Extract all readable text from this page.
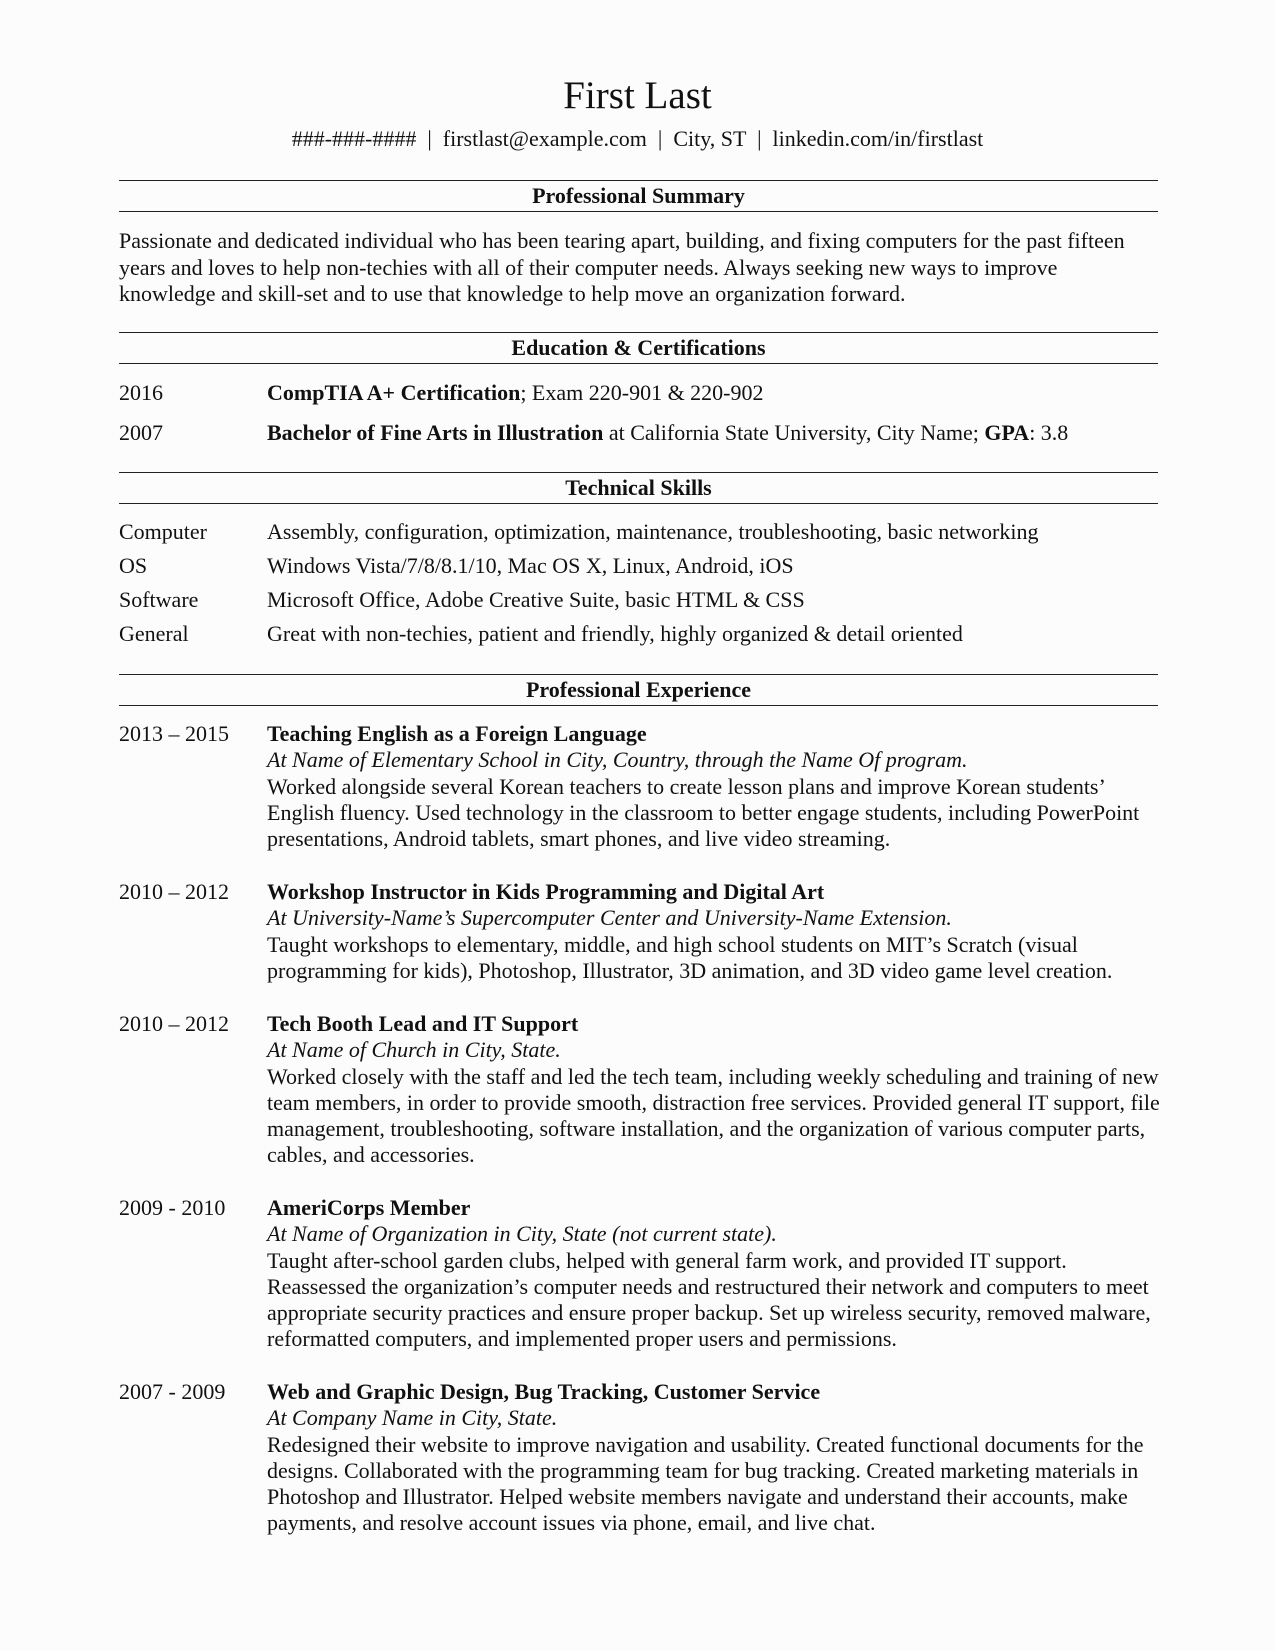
First Last
###-###-####  |  firstlast@example.com  |  City, ST  |  linkedin.com/in/firstlast
Professional Summary
Passionate and dedicated individual who has been tearing apart, building, and fixing computers for the past fifteen years and loves to help non-techies with all of their computer needs. Always seeking new ways to improve knowledge and skill-set and to use that knowledge to help move an organization forward.
Education & Certifications
2016	CompTIA A+ Certification; Exam 220-901 & 220-902
2007	Bachelor of Fine Arts in Illustration at California State University, City Name; GPA: 3.8
Technical Skills
Computer	Assembly, configuration, optimization, maintenance, troubleshooting, basic networking
OS	Windows Vista/7/8/8.1/10, Mac OS X, Linux, Android, iOS
Software	Microsoft Office, Adobe Creative Suite, basic HTML & CSS
General	Great with non-techies, patient and friendly, highly organized & detail oriented
Professional Experience
2013 – 2015 Teaching English as a Foreign Language
At Name of Elementary School in City, Country, through the Name Of program.
Worked alongside several Korean teachers to create lesson plans and improve Korean students’ English fluency. Used technology in the classroom to better engage students, including PowerPoint presentations, Android tablets, smart phones, and live video streaming.
2010 – 2012 Workshop Instructor in Kids Programming and Digital Art
At University-Name’s Supercomputer Center and University-Name Extension.
Taught workshops to elementary, middle, and high school students on MIT’s Scratch (visual programming for kids), Photoshop, Illustrator, 3D animation, and 3D video game level creation.
2010 – 2012 Tech Booth Lead and IT Support
At Name of Church in City, State.
Worked closely with the staff and led the tech team, including weekly scheduling and training of new team members, in order to provide smooth, distraction free services. Provided general IT support, file management, troubleshooting, software installation, and the organization of various computer parts, cables, and accessories.
2009 - 2010 AmeriCorps Member
At Name of Organization in City, State (not current state).
Taught after-school garden clubs, helped with general farm work, and provided IT support. Reassessed the organization’s computer needs and restructured their network and computers to meet appropriate security practices and ensure proper backup. Set up wireless security, removed malware, reformatted computers, and implemented proper users and permissions.
2007 - 2009 Web and Graphic Design, Bug Tracking, Customer Service
At Company Name in City, State.
Redesigned their website to improve navigation and usability. Created functional documents for the designs. Collaborated with the programming team for bug tracking. Created marketing materials in Photoshop and Illustrator. Helped website members navigate and understand their accounts, make payments, and resolve account issues via phone, email, and live chat.
